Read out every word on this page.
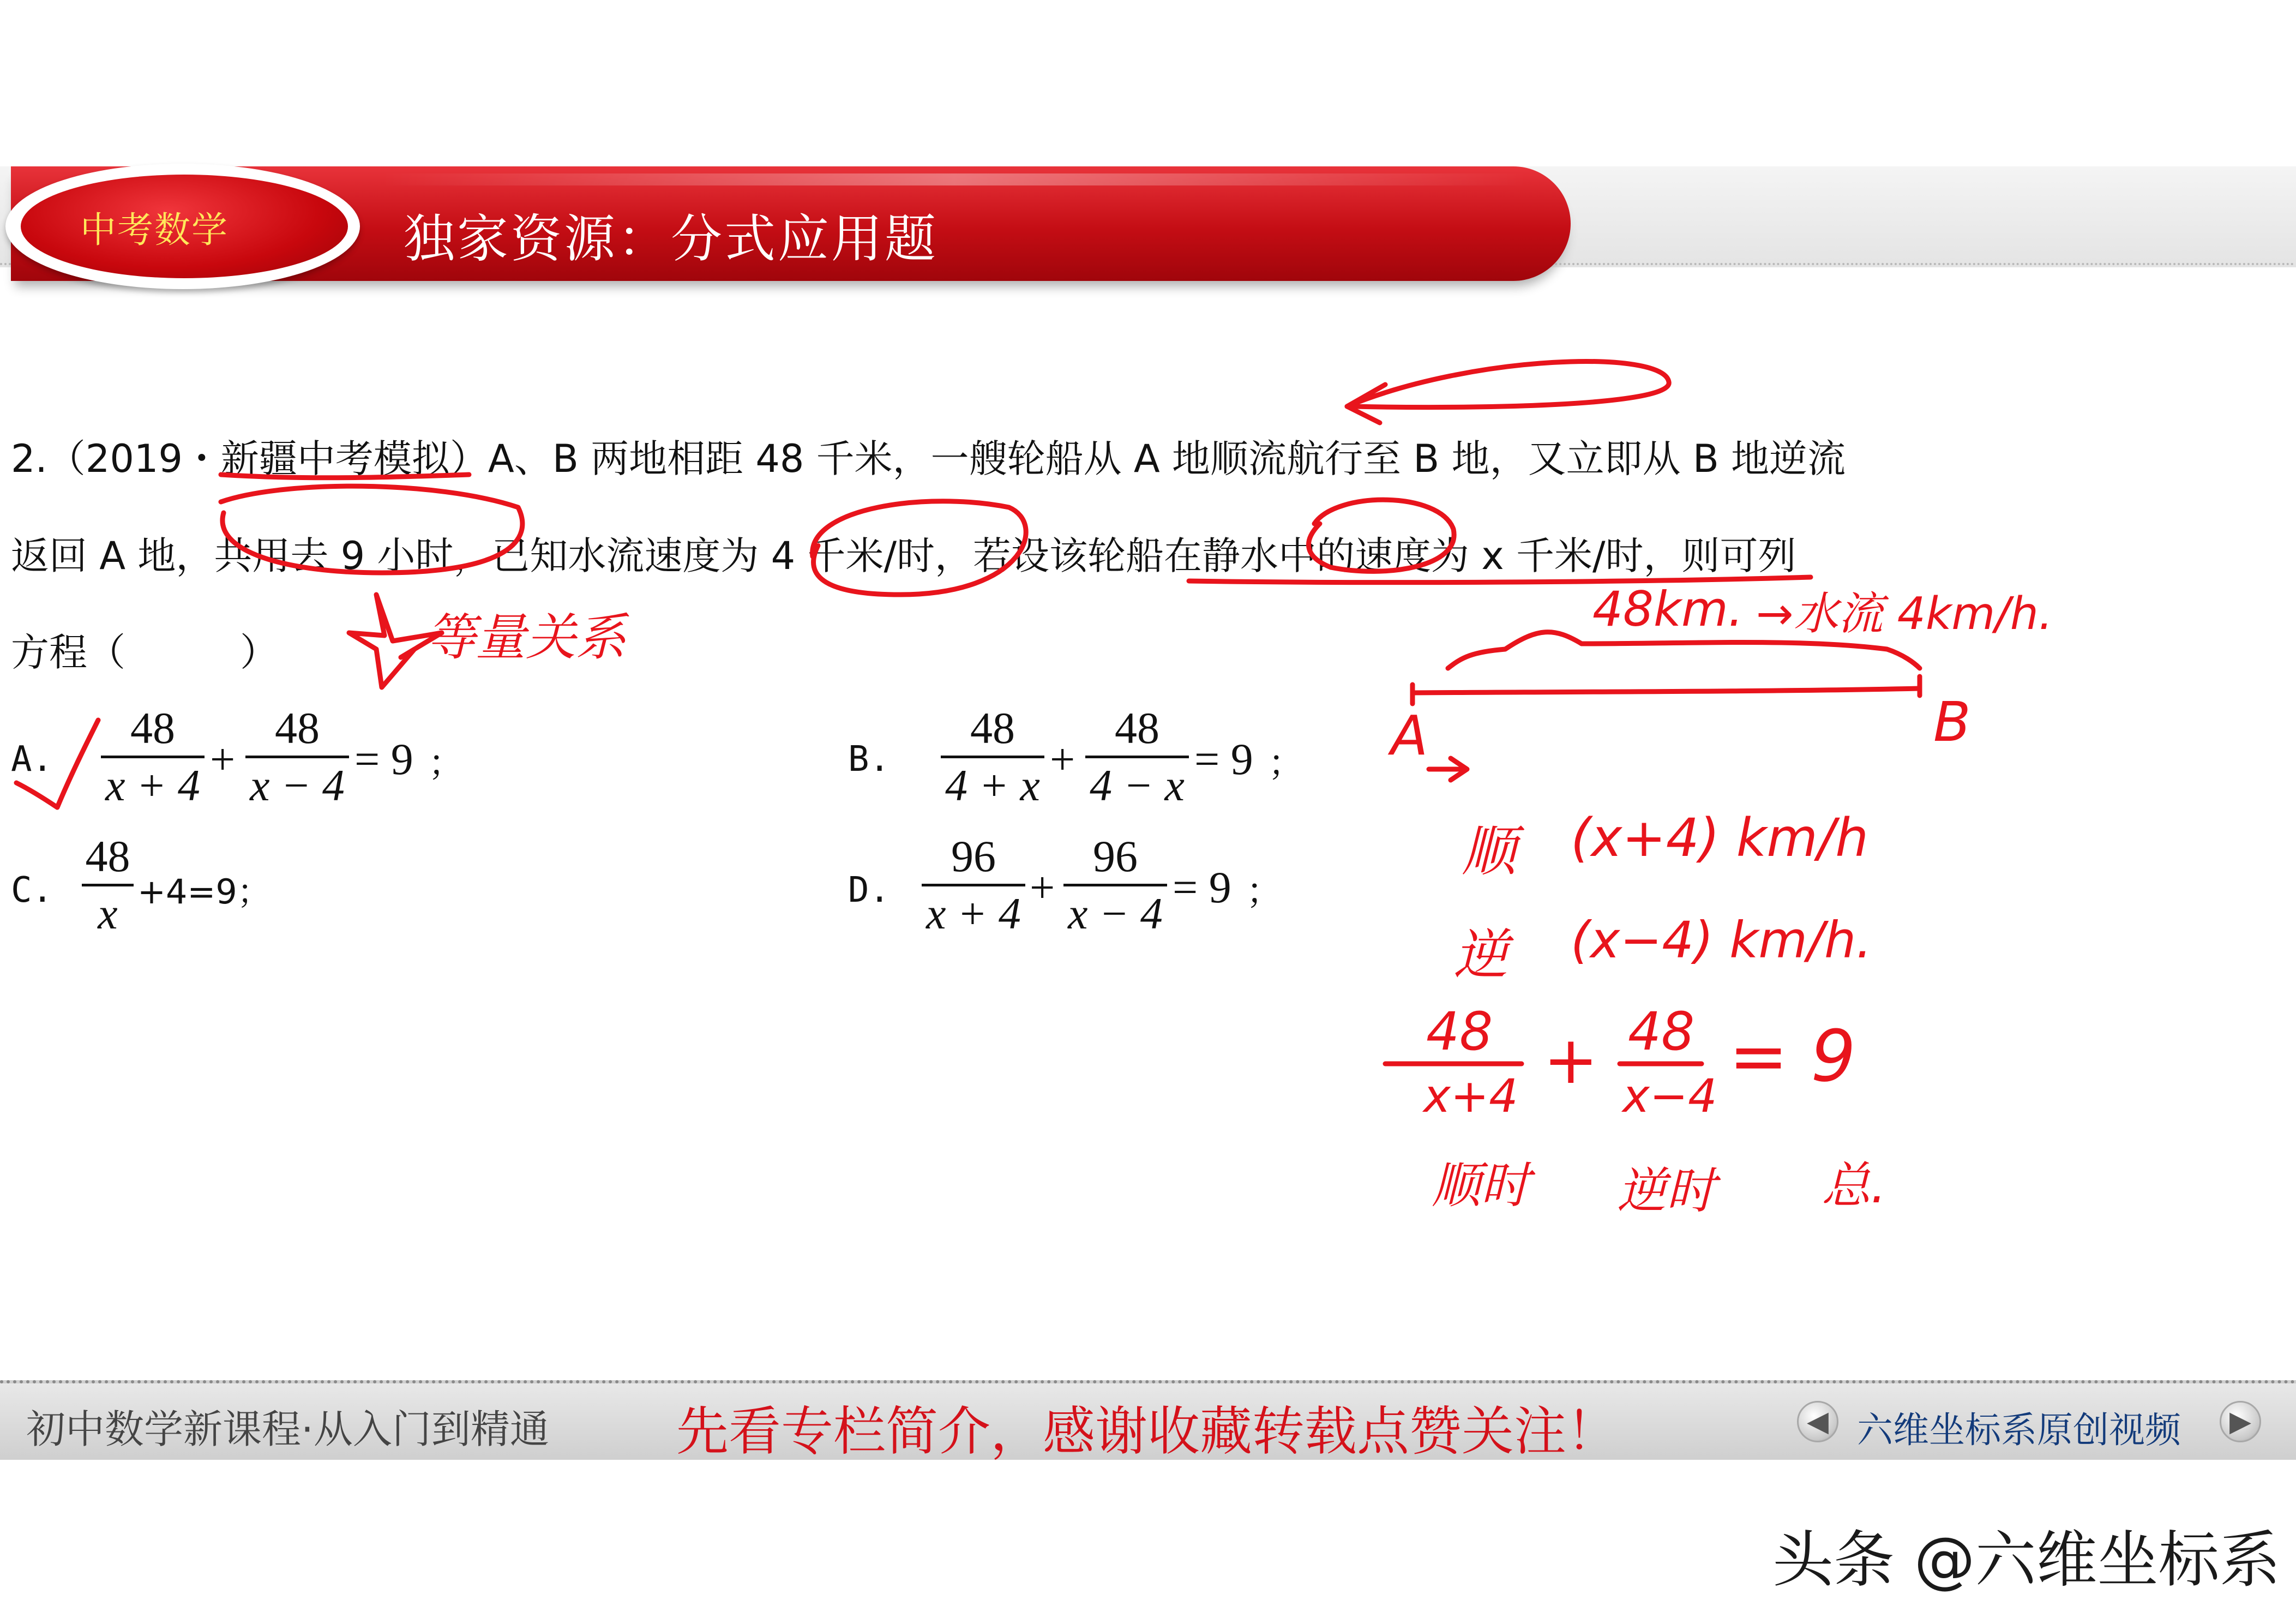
中考数学	独家资源：分式应用题
2.（2019・新疆中考模拟）A、B 两地相距 48 千米，一艘轮船从 A 地顺流航行至 B 地，又立即从 B 地逆流
返回 A 地，共用去 9 小时，已知水流速度为 4 千米/时，若设该轮船在静水中的速度为 x 千米/时，则可列
方程（　　　）
A.
48
x + 4
+
48
x − 4
= 9 ；	B.
48
4 + x
+
48
4 − x
= 9 ；
C.
48
x +4=9；	D.
96
x + 4
+
96
x − 4
= 9 ；
等量关系	48km. →水流 4km/h.
A	B
顺 (x+4) km/h
逆 (x−4) km/h.
48
x+4 + 48
x−4 = 9
顺时 逆时 总.
初中数学新课程·从入门到精通 先看专栏简介，感谢收藏转载点赞关注！	◀ 六维坐标系原创视频	▶
头条 @六维坐标系
